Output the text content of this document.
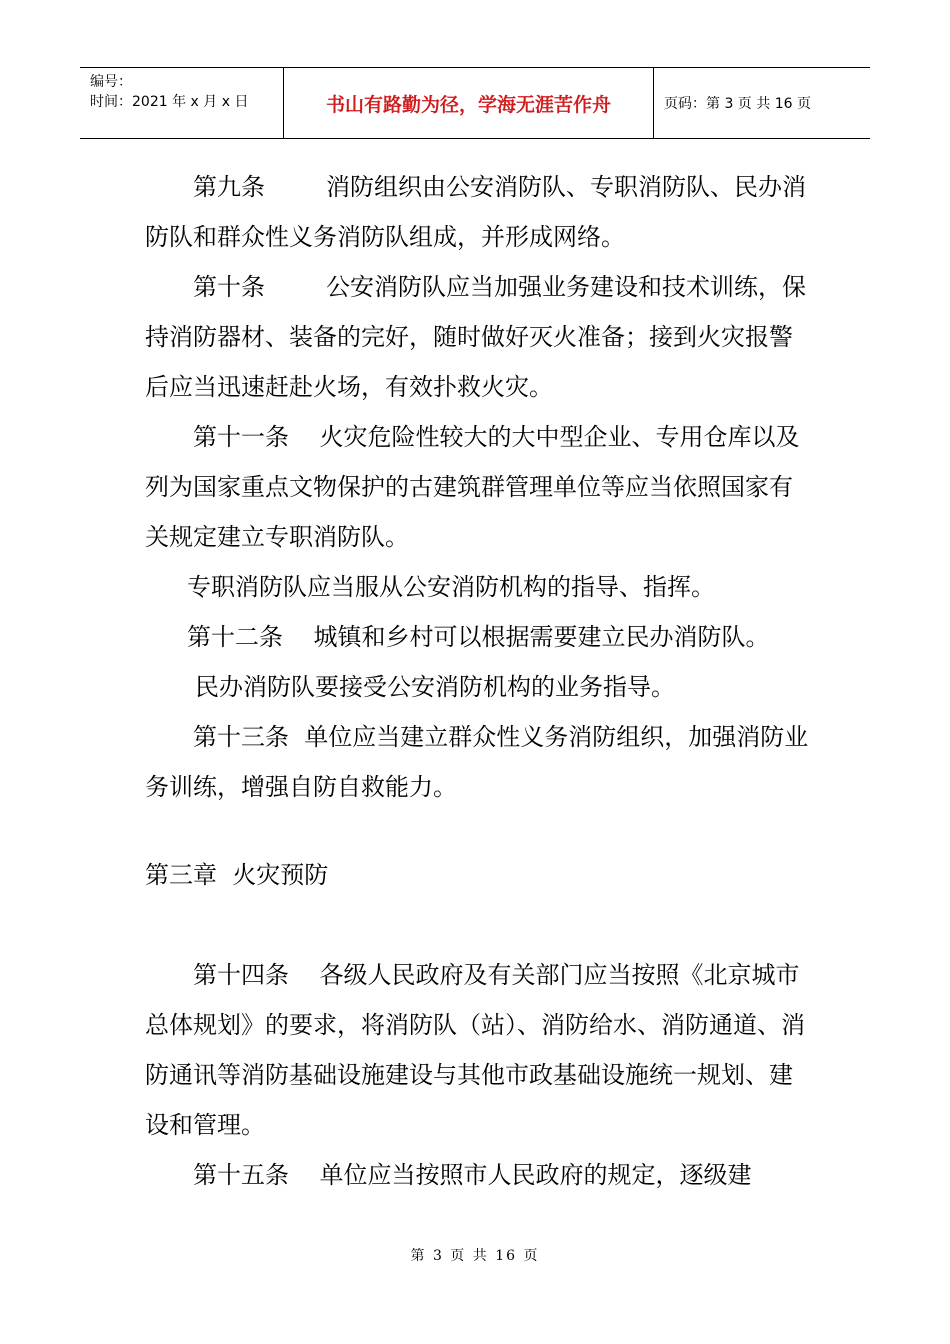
编号：
时间：2021 年 x 月 x 日	书山有路勤为径，学海无涯苦作舟	页码：第 3 页 共 16 页

第九条        消防组织由公安消防队、专职消防队、民办消防队和群众性义务消防队组成，并形成网络。

第十条        公安消防队应当加强业务建设和技术训练，保持消防器材、装备的完好，随时做好灭火准备；接到火灾报警    后应当迅速赶赴火场，有效扑救火灾。

第十一条    火灾危险性较大的大中型企业、专用仓库以及列为国家重点文物保护的古建筑群管理单位等应当依照国家有关规定建立专职消防队。

专职消防队应当服从公安消防机构的指导、指挥。

第十二条    城镇和乡村可以根据需要建立民办消防队。

民办消防队要接受公安消防机构的业务指导。

第十三条  单位应当建立群众性义务消防组织，加强消防业务训练，增强自防自救能力。

第三章  火灾预防

第十四条    各级人民政府及有关部门应当按照《北京城市总体规划》的要求，将消防队（站）、消防给水、消防通道、消防通讯等消防基础设施建设与其他市政基础设施统一规划、建设和管理。

第十五条    单位应当按照市人民政府的规定，逐级建

第 3 页 共 16 页
